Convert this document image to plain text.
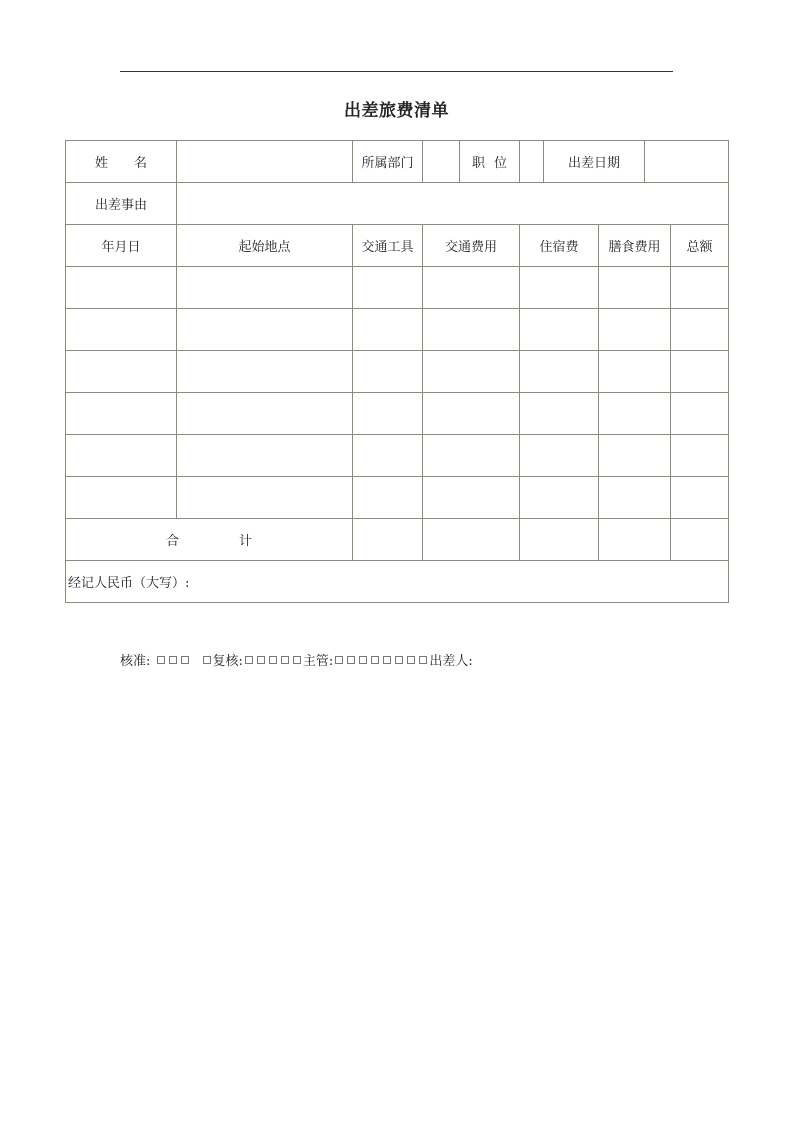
出差旅费清单
姓 名		所属部门		职 位		出差日期			
出差事由									
年月日	起始地点	交通工具	交通费用		住宿费		膳食费用		总额

合 计									
经记人民币（大写）:									
核准:	复核:	主管:	出差人:
